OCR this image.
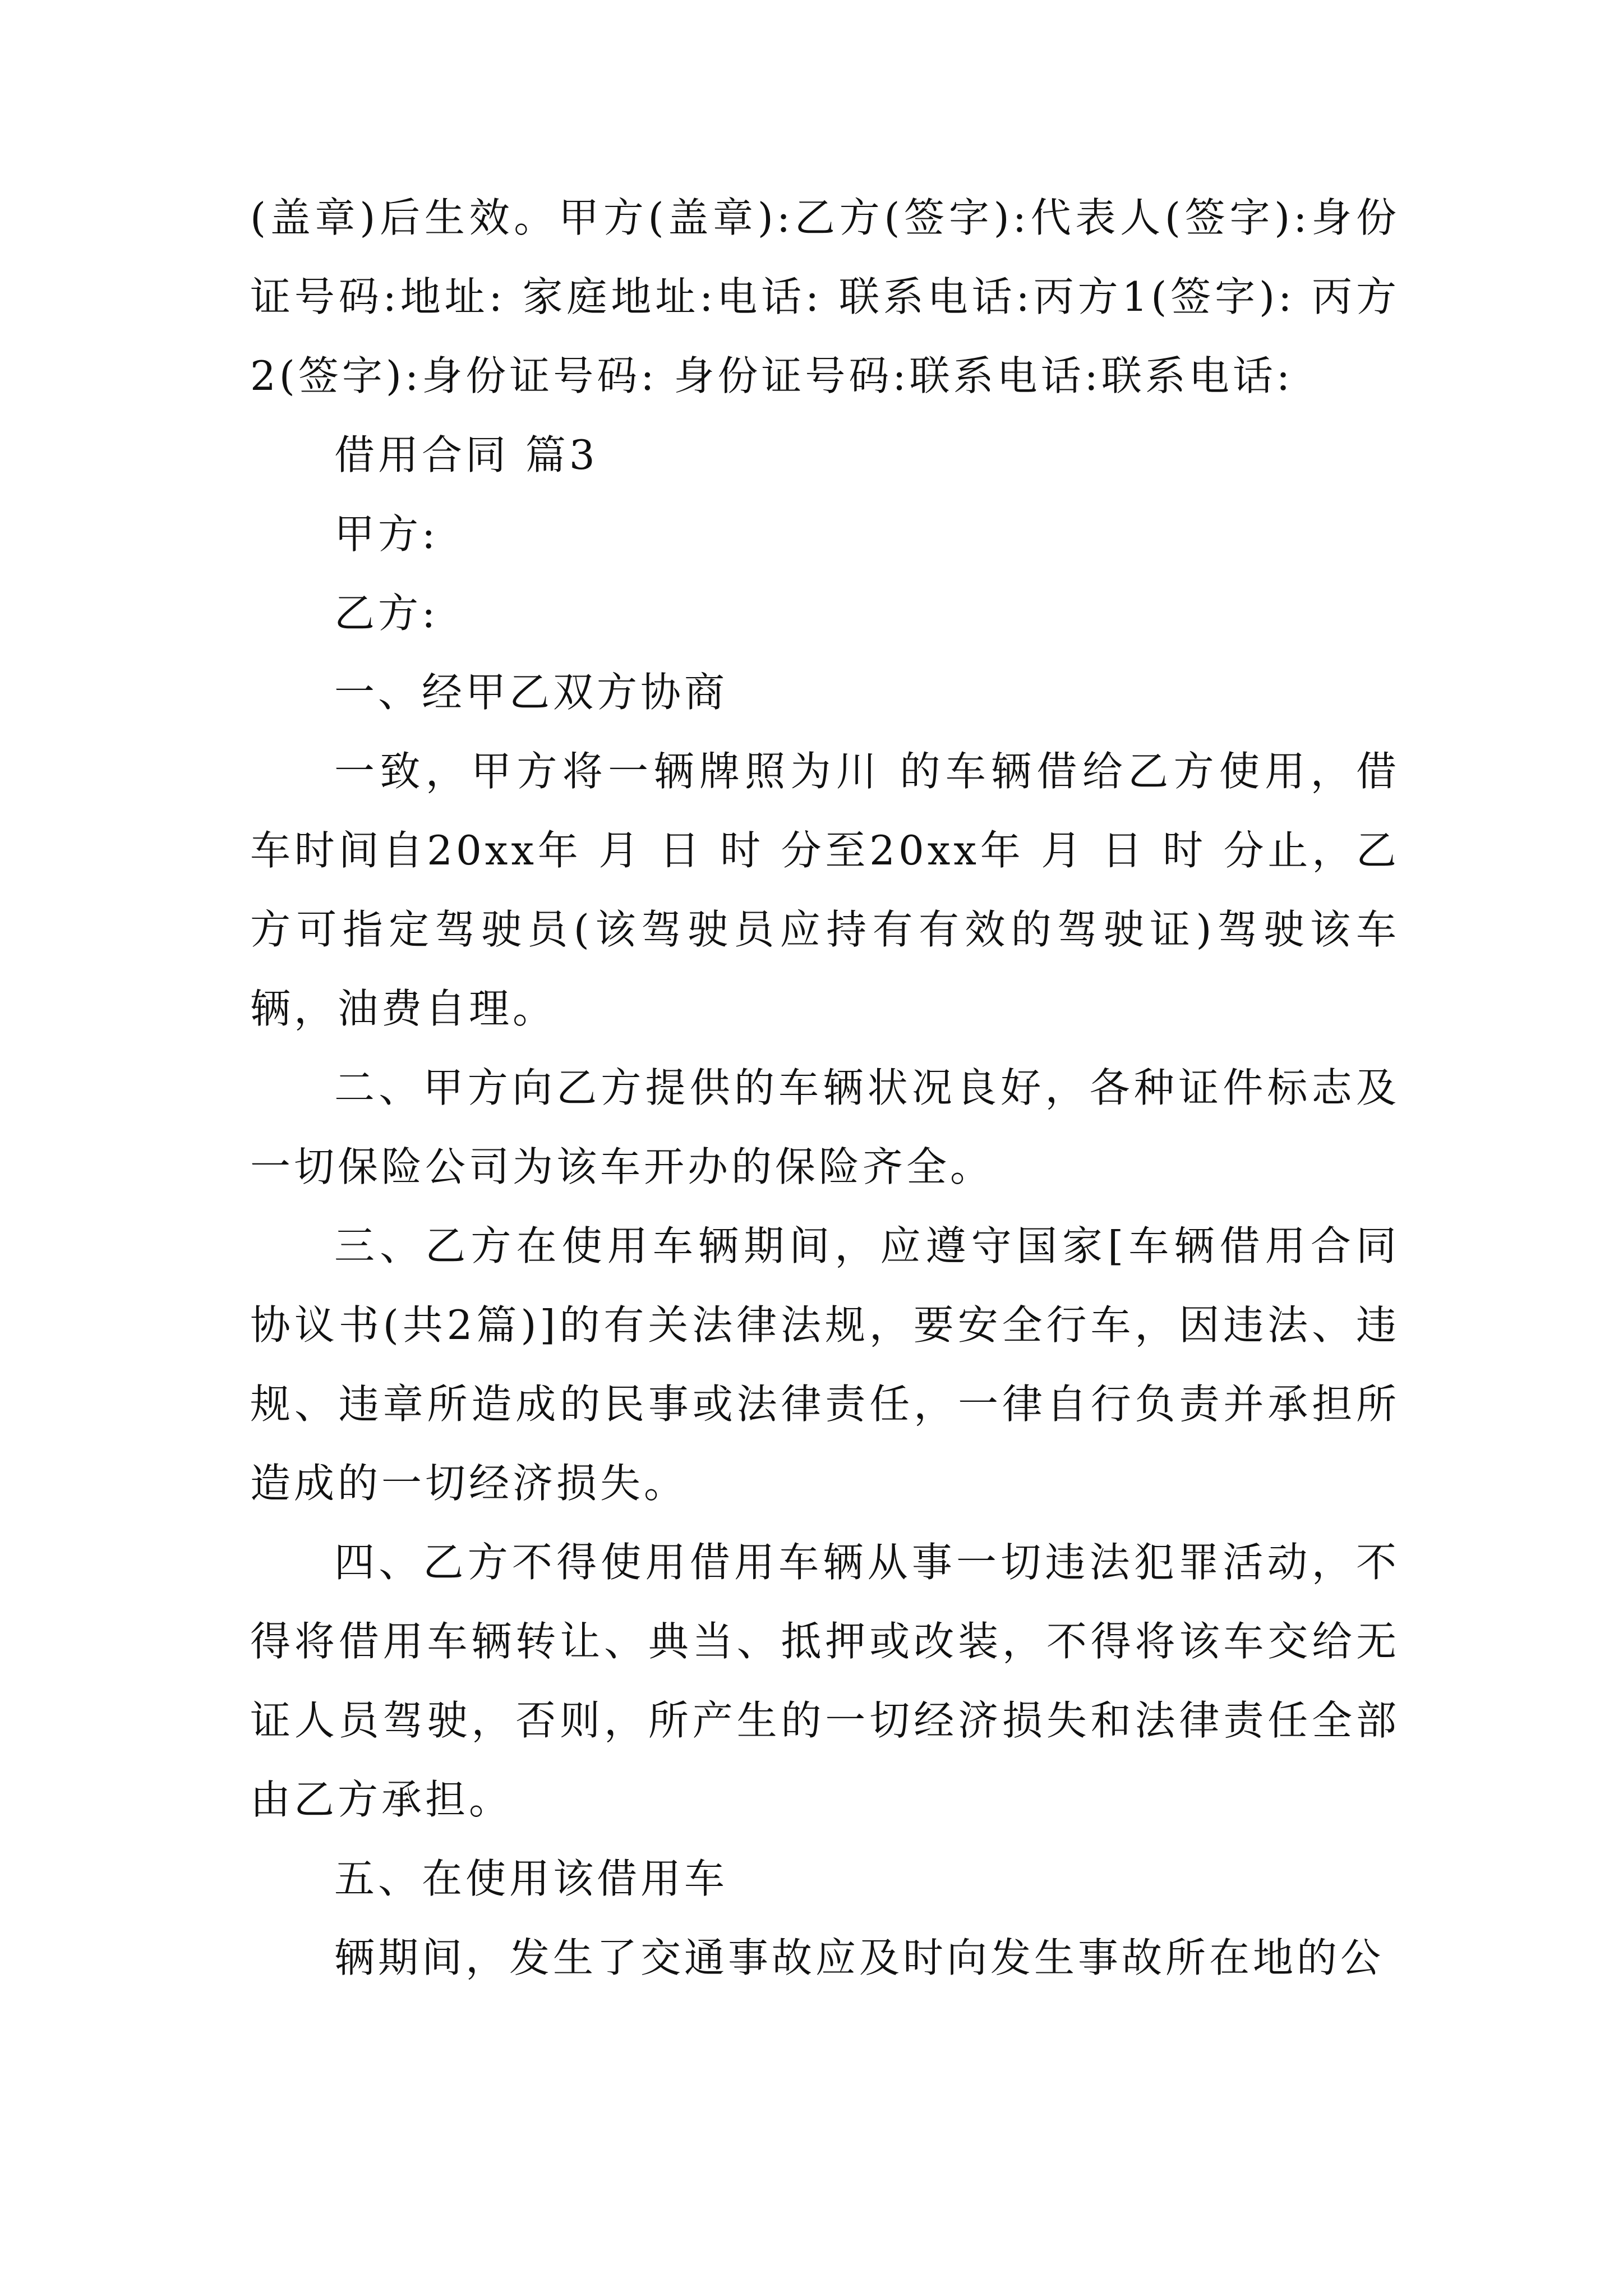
(盖章)后生效。甲方(盖章):乙方(签字):代表人(签字):身份证号码:地址: 家庭地址:电话: 联系电话:丙方1(签字): 丙方2(签字):身份证号码: 身份证号码:联系电话:联系电话:

借用合同 篇3

甲方:

乙方:

一、经甲乙双方协商

一致，甲方将一辆牌照为川 的车辆借给乙方使用，借车时间自20xx年 月 日 时 分至20xx年 月 日 时 分止，乙方可指定驾驶员(该驾驶员应持有有效的驾驶证)驾驶该车辆，油费自理。

二、甲方向乙方提供的车辆状况良好，各种证件标志及一切保险公司为该车开办的保险齐全。

三、乙方在使用车辆期间，应遵守国家[车辆借用合同协议书(共2篇)]的有关法律法规，要安全行车，因违法、违规、违章所造成的民事或法律责任，一律自行负责并承担所造成的一切经济损失。

四、乙方不得使用借用车辆从事一切违法犯罪活动，不得将借用车辆转让、典当、抵押或改装，不得将该车交给无证人员驾驶，否则，所产生的一切经济损失和法律责任全部由乙方承担。

五、在使用该借用车

辆期间，发生了交通事故应及时向发生事故所在地的公
